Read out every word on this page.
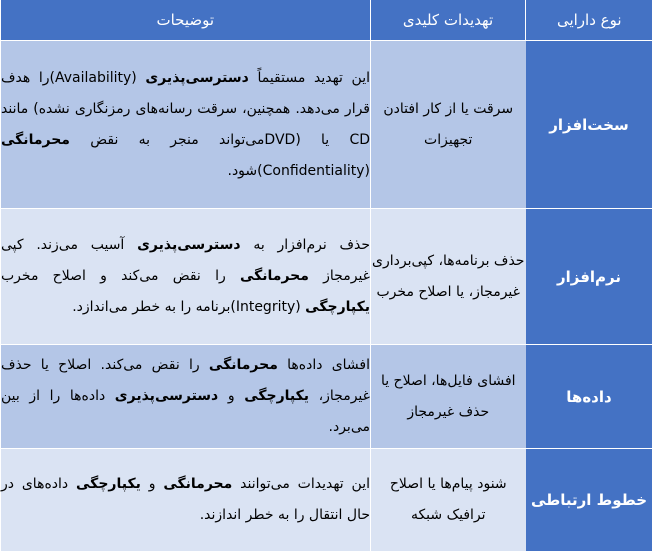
نوع دارایی	تهدیدات کلیدی	توضیحات
سخت‌افزار	سرقت یا از کار افتادن تجهیزات	این تهدید مستقیماً دسترسی‌پذیری (Availability)را هدف قرار می‌دهد. همچنین، سرقت رسانه‌های رمزنگاری نشده) مانند CD یا (DVDمی‌تواند منجر به نقض محرمانگی (Confidentiality)شود.
نرم‌افزار	حذف برنامه‌ها، کپی‌برداری غیرمجاز، یا اصلاح مخرب	حذف نرم‌افزار به دسترسی‌پذیری آسیب می‌زند. کپی غیرمجاز محرمانگی را نقض می‌کند و اصلاح مخرب یکپارچگی (Integrity)برنامه را به خطر می‌اندازد.
داده‌ها	افشای فایل‌ها، اصلاح یا حذف غیرمجاز	افشای داده‌ها محرمانگی را نقض می‌کند. اصلاح یا حذف غیرمجاز، یکپارچگی و دسترسی‌پذیری داده‌ها را از بین می‌برد.
خطوط ارتباطی	شنود پیام‌ها یا اصلاح ترافیک شبکه	این تهدیدات می‌توانند محرمانگی و یکپارچگی داده‌های در حال انتقال را به خطر اندازند.
